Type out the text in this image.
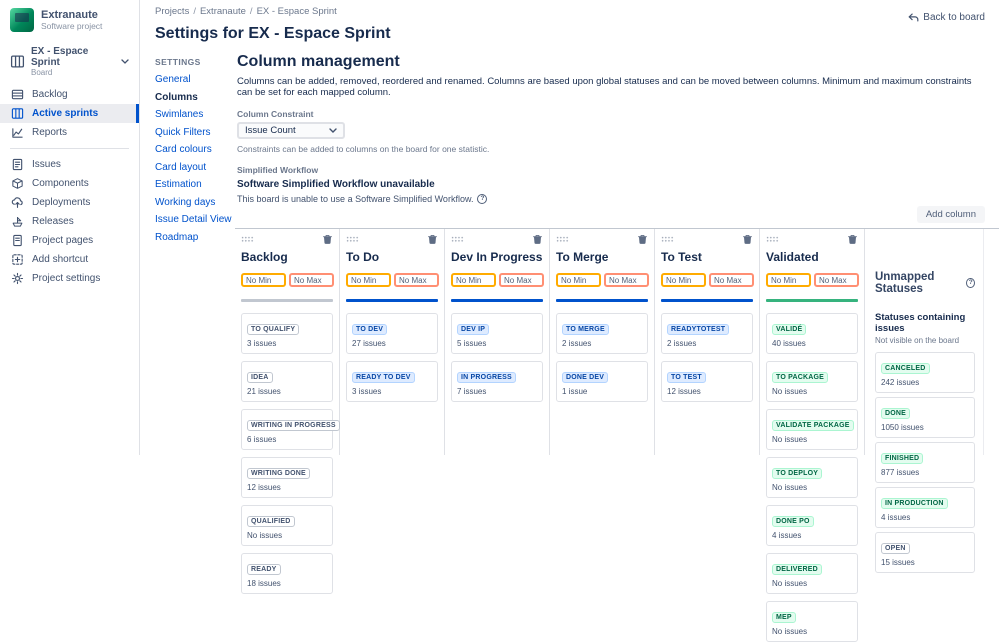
Extranaute
Software project
EX - Espace Sprint
Board
Backlog
Active sprints
Reports
Issues
Components
Deployments
Releases
Project pages
Add shortcut
Project settings
Projects / Extranaute / EX - Espace Sprint
Back to board
Settings for EX - Espace Sprint
SETTINGS
General
Columns
Swimlanes
Quick Filters
Card colours
Card layout
Estimation
Working days
Issue Detail View
Roadmap
Column management

Columns can be added, removed, reordered and renamed. Columns are based upon global statuses and can be moved between columns. Minimum and maximum constraints can be set for each mapped column.

Column Constraint
Issue Count

Constraints can be added to columns on the board for one statistic.

Simplified Workflow
Software Simplified Workflow unavailable

This board is unable to use a Software Simplified Workflow.	?

Add column
Backlog
No Min
No Max
TO QUALIFY
3 issues
IDEA
21 issues
WRITING IN PROGRESS
6 issues
WRITING DONE
12 issues
QUALIFIED
No issues
READY
18 issues
To Do
No Min
No Max
TO DEV
27 issues
READY TO DEV
3 issues
Dev In Progress
No Min
No Max
DEV IP
5 issues
IN PROGRESS
7 issues
To Merge
No Min
No Max
TO MERGE
2 issues
DONE DEV
1 issue
To Test
No Min
No Max
READYTOTEST
2 issues
TO TEST
12 issues
Validated
No Min
No Max
VALIDÉ
40 issues
TO PACKAGE
No issues
VALIDATE PACKAGE
No issues
TO DEPLOY
No issues
DONE PO
4 issues
DELIVERED
No issues
MEP
No issues
Unmapped Statuses
?
Statuses containing issues
Not visible on the board
CANCELED
242 issues
DONE
1050 issues
FINISHED
877 issues
IN PRODUCTION
4 issues
OPEN
15 issues
